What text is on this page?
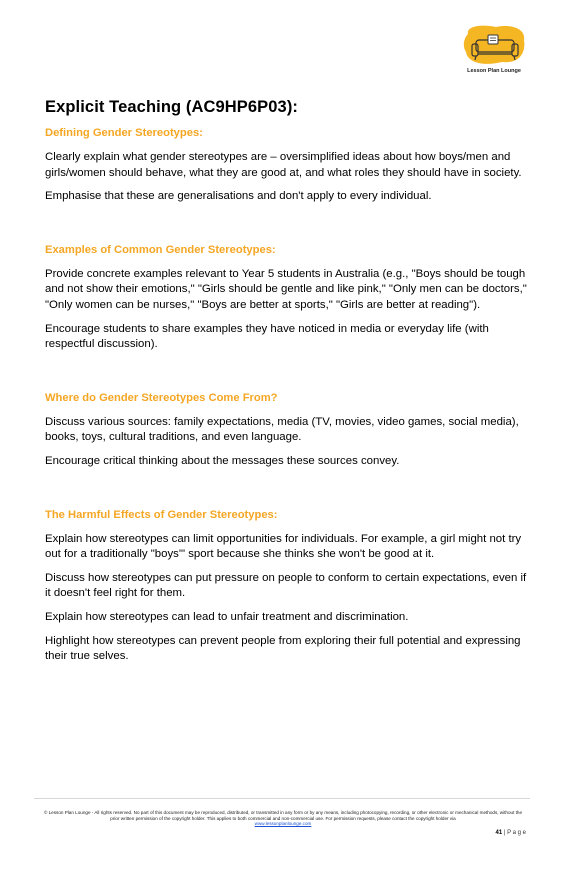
Lesson Plan Lounge
Explicit Teaching (AC9HP6P03):

Defining Gender Stereotypes:

Clearly explain what gender stereotypes are – oversimplified ideas about how boys/men and girls/women should behave, what they are good at, and what roles they should have in society.

Emphasise that these are generalisations and don't apply to every individual.

Examples of Common Gender Stereotypes:

Provide concrete examples relevant to Year 5 students in Australia (e.g., "Boys should be tough and not show their emotions," "Girls should be gentle and like pink," "Only men can be doctors," "Only women can be nurses," "Boys are better at sports," "Girls are better at reading").

Encourage students to share examples they have noticed in media or everyday life (with respectful discussion).

Where do Gender Stereotypes Come From?

Discuss various sources: family expectations, media (TV, movies, video games, social media), books, toys, cultural traditions, and even language.

Encourage critical thinking about the messages these sources convey.

The Harmful Effects of Gender Stereotypes:

Explain how stereotypes can limit opportunities for individuals. For example, a girl might not try out for a traditionally "boys'" sport because she thinks she won't be good at it.

Discuss how stereotypes can put pressure on people to conform to certain expectations, even if it doesn't feel right for them.

Explain how stereotypes can lead to unfair treatment and discrimination.

Highlight how stereotypes can prevent people from exploring their full potential and expressing their true selves.

© Lesson Plan Lounge - All rights reserved. No part of this document may be reproduced, distributed, or transmitted in any form or by any means, including photocopying, recording, or other electronic or mechanical methods, without the prior written permission of the copyright holder. This applies to both commercial and non-commercial use. For permission requests, please contact the copyright holder via
www.lessonplanlounge.com
41 | P a g e
